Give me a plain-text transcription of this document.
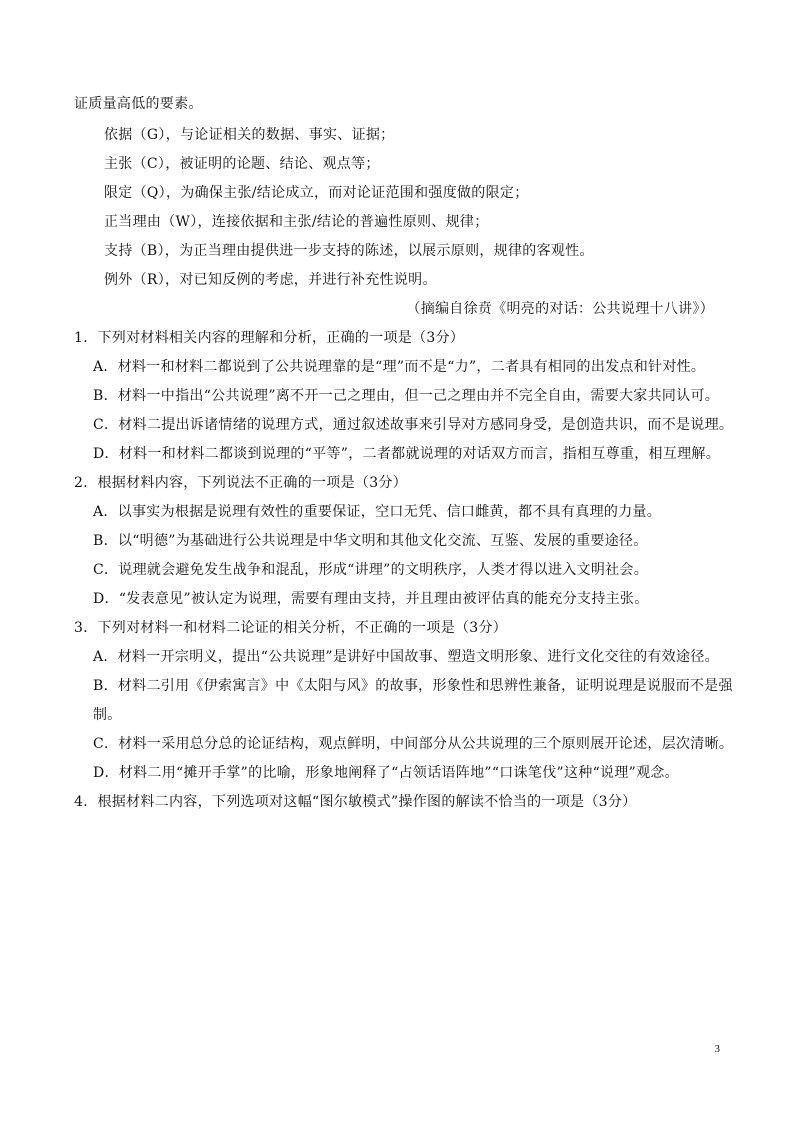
证质量高低的要素。
依据（G），与论证相关的数据、事实、证据；
主张（C），被证明的论题、结论、观点等；
限定（Q），为确保主张/结论成立，而对论证范围和强度做的限定；
正当理由（W），连接依据和主张/结论的普遍性原则、规律；
支持（B），为正当理由提供进一步支持的陈述，以展示原则，规律的客观性。
例外（R），对已知反例的考虑，并进行补充性说明。
（摘编自徐贲《明亮的对话：公共说理十八讲》）
1．下列对材料相关内容的理解和分析，正确的一项是（3分）
A．材料一和材料二都说到了公共说理靠的是“理”而不是“力”，二者具有相同的出发点和针对性。
B．材料一中指出“公共说理”离不开一己之理由，但一己之理由并不完全自由，需要大家共同认可。
C．材料二提出诉诸情绪的说理方式，通过叙述故事来引导对方感同身受，是创造共识，而不是说理。
D．材料一和材料二都谈到说理的“平等”，二者都就说理的对话双方而言，指相互尊重，相互理解。
2．根据材料内容，下列说法不正确的一项是（3分）
A．以事实为根据是说理有效性的重要保证，空口无凭、信口雌黄，都不具有真理的力量。
B．以“明德”为基础进行公共说理是中华文明和其他文化交流、互鉴、发展的重要途径。
C．说理就会避免发生战争和混乱，形成“讲理”的文明秩序，人类才得以进入文明社会。
D．“发表意见”被认定为说理，需要有理由支持，并且理由被评估真的能充分支持主张。
3．下列对材料一和材料二论证的相关分析，不正确的一项是（3分）
A．材料一开宗明义，提出“公共说理”是讲好中国故事、塑造文明形象、进行文化交往的有效途径。
B．材料二引用《伊索寓言》中《太阳与风》的故事，形象性和思辨性兼备，证明说理是说服而不是强
制。
C．材料一采用总分总的论证结构，观点鲜明，中间部分从公共说理的三个原则展开论述，层次清晰。
D．材料二用“摊开手掌”的比喻，形象地阐释了“占领话语阵地”“口诛笔伐”这种“说理”观念。
4．根据材料二内容，下列选项对这幅“图尔敏模式”操作图的解读不恰当的一项是（3分）
3
